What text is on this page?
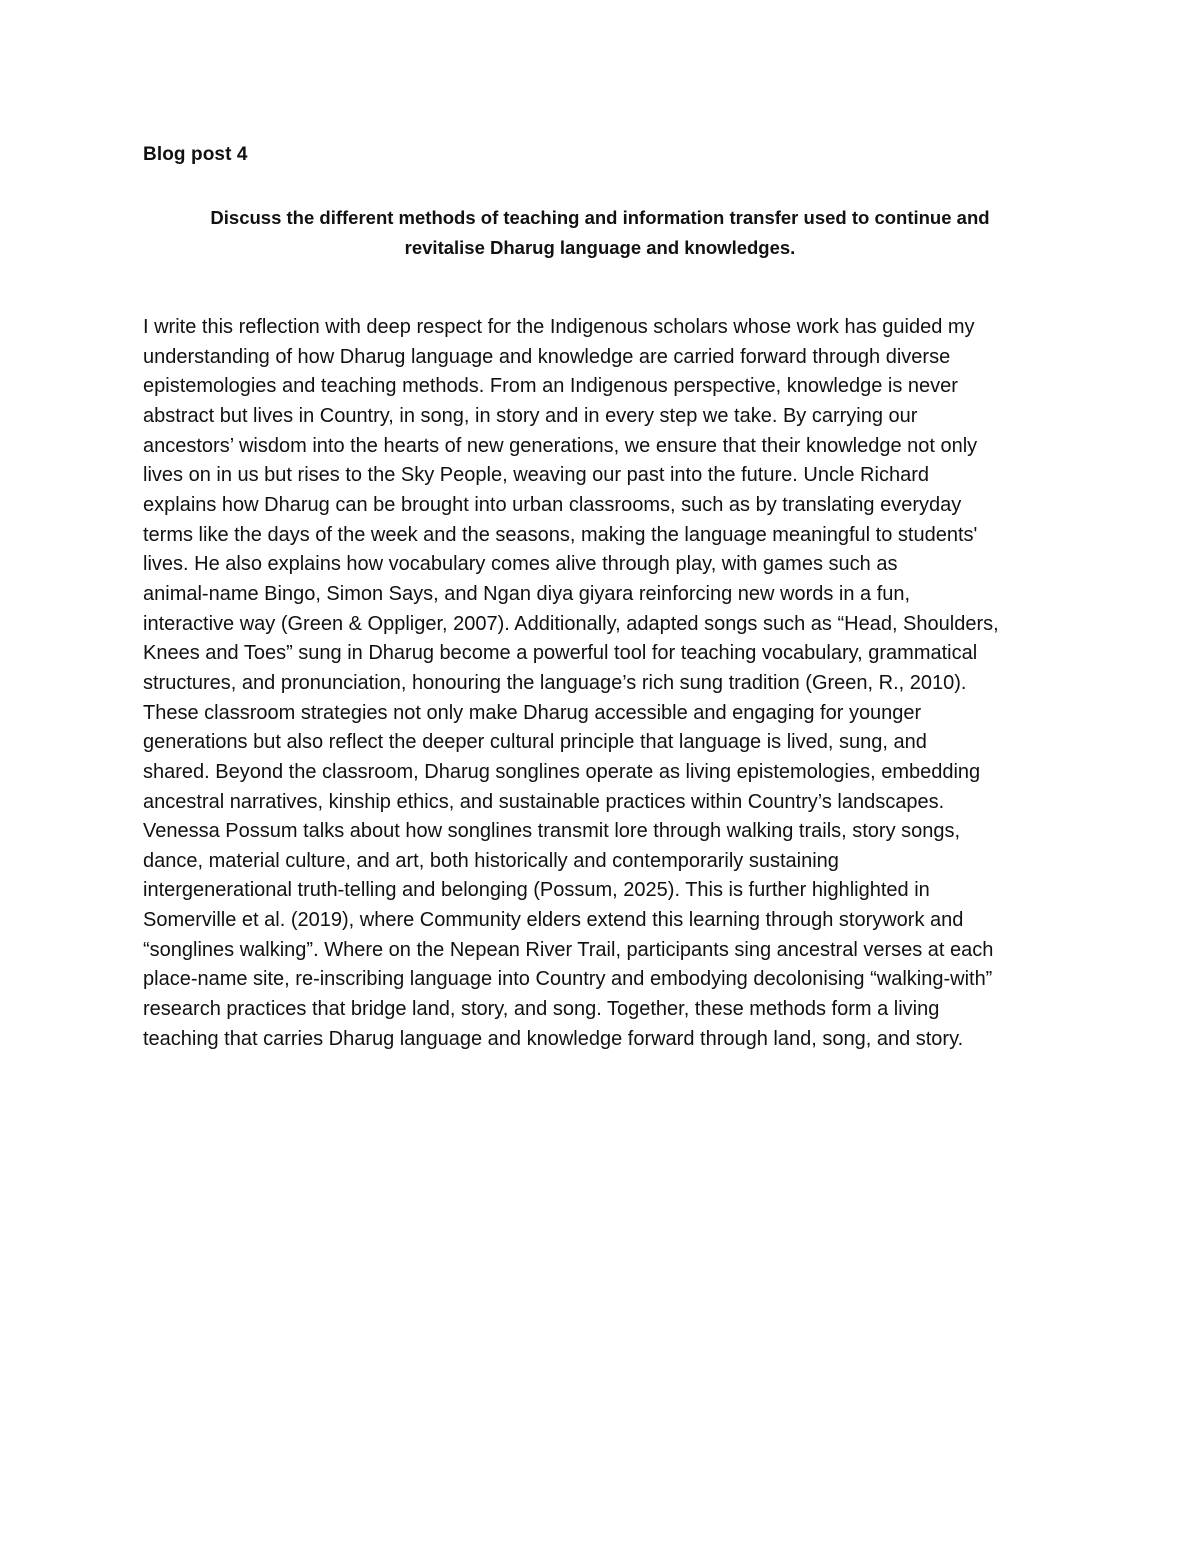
Blog post 4

Discuss the different methods of teaching and information transfer used to continue and
revitalise Dharug language and knowledges.
I write this reflection with deep respect for the Indigenous scholars whose work has guided my
understanding of how Dharug language and knowledge are carried forward through diverse
epistemologies and teaching methods. From an Indigenous perspective, knowledge is never
abstract but lives in Country, in song, in story and in every step we take. By carrying our
ancestors’ wisdom into the hearts of new generations, we ensure that their knowledge not only
lives on in us but rises to the Sky People, weaving our past into the future. Uncle Richard
explains how Dharug can be brought into urban classrooms, such as by translating everyday
terms like the days of the week and the seasons, making the language meaningful to students'
lives. He also explains how vocabulary comes alive through play, with games such as
animal-name Bingo, Simon Says, and Ngan diya giyara reinforcing new words in a fun,
interactive way (Green & Oppliger, 2007). Additionally, adapted songs such as “Head, Shoulders,
Knees and Toes” sung in Dharug become a powerful tool for teaching vocabulary, grammatical
structures, and pronunciation, honouring the language’s rich sung tradition (Green, R., 2010).
These classroom strategies not only make Dharug accessible and engaging for younger
generations but also reflect the deeper cultural principle that language is lived, sung, and
shared. Beyond the classroom, Dharug songlines operate as living epistemologies, embedding
ancestral narratives, kinship ethics, and sustainable practices within Country’s landscapes.
Venessa Possum talks about how songlines transmit lore through walking trails, story songs,
dance, material culture, and art, both historically and contemporarily sustaining
intergenerational truth-telling and belonging (Possum, 2025). This is further highlighted in
Somerville et al. (2019), where Community elders extend this learning through storywork and
“songlines walking”. Where on the Nepean River Trail, participants sing ancestral verses at each
place-name site, re-inscribing language into Country and embodying decolonising “walking-with”
research practices that bridge land, story, and song. Together, these methods form a living
teaching that carries Dharug language and knowledge forward through land, song, and story.
